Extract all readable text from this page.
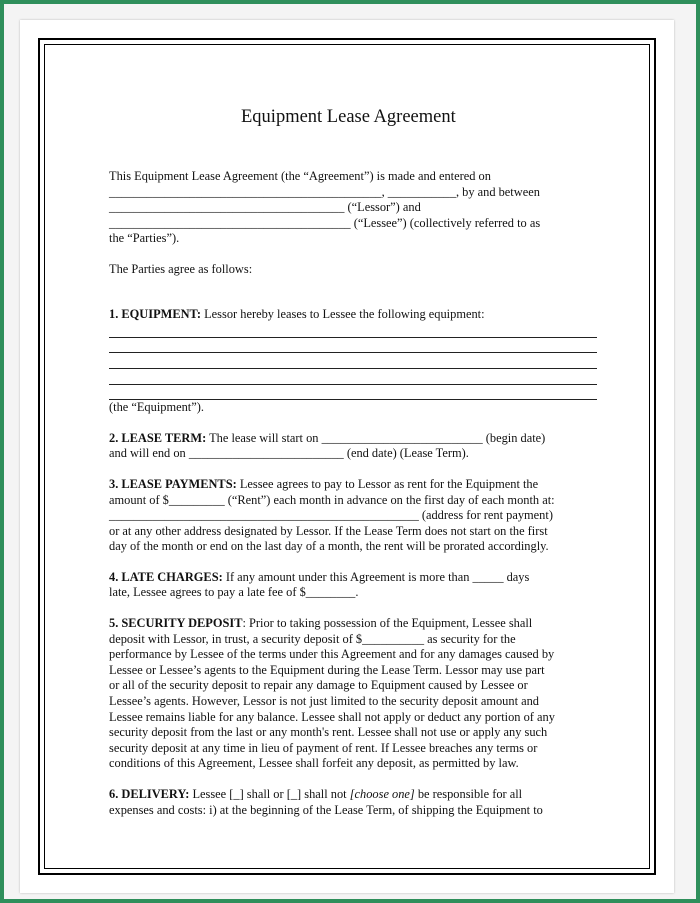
Equipment Lease Agreement

This Equipment Lease Agreement (the “Agreement”) is made and entered on

____________________________________________, ___________, by and between

______________________________________ (“Lessor”) and

_______________________________________ (“Lessee”) (collectively referred to as

the “Parties”).

The Parties agree as follows:

1. EQUIPMENT: Lessor hereby leases to Lessee the following equipment:

(the “Equipment”).

2. LEASE TERM: The lease will start on __________________________ (begin date)

and will end on _________________________ (end date) (Lease Term).

3. LEASE PAYMENTS: Lessee agrees to pay to Lessor as rent for the Equipment the

amount of $_________ (“Rent”) each month in advance on the first day of each month at:

__________________________________________________ (address for rent payment)

or at any other address designated by Lessor. If the Lease Term does not start on the first

day of the month or end on the last day of a month, the rent will be prorated accordingly.

4. LATE CHARGES: If any amount under this Agreement is more than _____ days

late, Lessee agrees to pay a late fee of $________.

5. SECURITY DEPOSIT: Prior to taking possession of the Equipment, Lessee shall

deposit with Lessor, in trust, a security deposit of $__________ as security for the

performance by Lessee of the terms under this Agreement and for any damages caused by

Lessee or Lessee’s agents to the Equipment during the Lease Term. Lessor may use part

or all of the security deposit to repair any damage to Equipment caused by Lessee or

Lessee’s agents. However, Lessor is not just limited to the security deposit amount and

Lessee remains liable for any balance. Lessee shall not apply or deduct any portion of any

security deposit from the last or any month's rent. Lessee shall not use or apply any such

security deposit at any time in lieu of payment of rent. If Lessee breaches any terms or

conditions of this Agreement, Lessee shall forfeit any deposit, as permitted by law.

6. DELIVERY: Lessee [_] shall or [_] shall not [choose one] be responsible for all

expenses and costs: i) at the beginning of the Lease Term, of shipping the Equipment to
